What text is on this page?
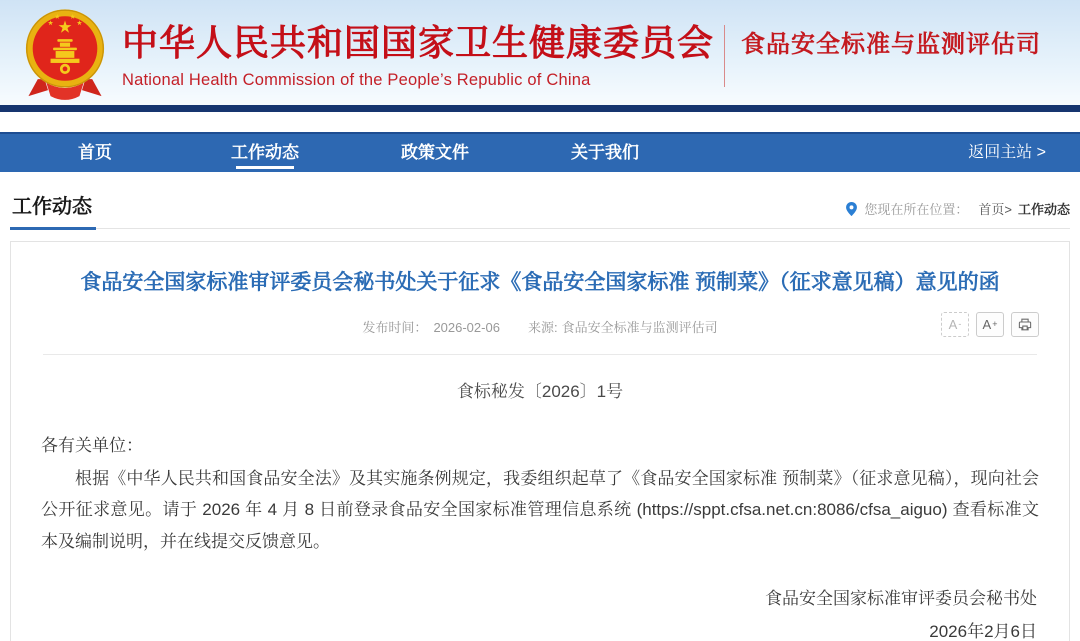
中华人民共和国国家卫生健康委员会
National Health Commission of the People’s Republic of China
食品安全标准与监测评估司
首页	工作动态	政策文件	关于我们	返回主站 >
工作动态	您现在所在位置： 首页> 工作动态
食品安全国家标准审评委员会秘书处关于征求《食品安全国家标准 预制菜》（征求意见稿）意见的函
发布时间： 2026-02-06 来源: 食品安全标准与监测评估司	A - A +
食标秘发〔2026〕1号

各有关单位：

根据《中华人民共和国食品安全法》及其实施条例规定，我委组织起草了《食品安全国家标准 预制菜》（征求意见稿），现向社会公开征求意见。请于 2026 年 4 月 8 日前登录食品安全国家标准管理信息系统 (https://sppt.cfsa.net.cn:8086/cfsa_aiguo) 查看标准文本及编制说明，并在线提交反馈意见。

食品安全国家标准审评委员会秘书处

2026年2月6日
